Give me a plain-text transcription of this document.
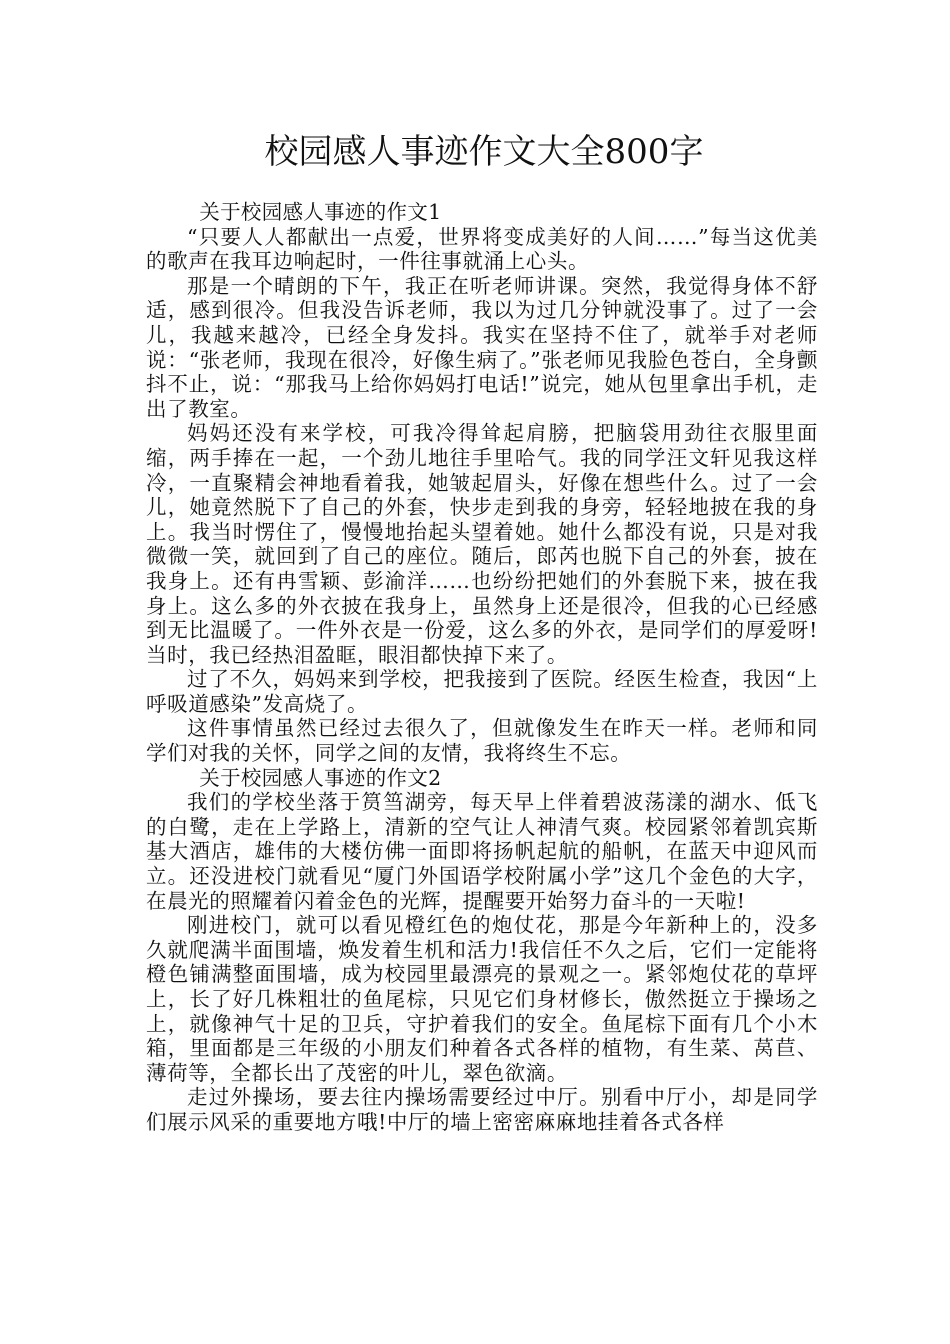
校园感人事迹作文大全800字

关于校园感人事迹的作文1

“只要人人都献出一点爱，世界将变成美好的人间……”每当这优美的歌声在我耳边响起时，一件往事就涌上心头。

那是一个晴朗的下午，我正在听老师讲课。突然，我觉得身体不舒适，感到很冷。但我没告诉老师，我以为过几分钟就没事了。过了一会儿，我越来越冷，已经全身发抖。我实在坚持不住了，就举手对老师说：“张老师，我现在很冷，好像生病了。”张老师见我脸色苍白，全身颤抖不止，说：“那我马上给你妈妈打电话!”说完，她从包里拿出手机，走出了教室。

妈妈还没有来学校，可我冷得耸起肩膀，把脑袋用劲往衣服里面缩，两手捧在一起，一个劲儿地往手里哈气。我的同学汪文轩见我这样冷，一直聚精会神地看着我，她皱起眉头，好像在想些什么。过了一会儿，她竟然脱下了自己的外套，快步走到我的身旁，轻轻地披在我的身上。我当时愣住了，慢慢地抬起头望着她。她什么都没有说，只是对我微微一笑，就回到了自己的座位。随后，郎芮也脱下自己的外套，披在我身上。还有冉雪颖、彭渝洋……也纷纷把她们的外套脱下来，披在我身上。这么多的外衣披在我身上，虽然身上还是很冷，但我的心已经感到无比温暖了。一件外衣是一份爱，这么多的外衣，是同学们的厚爱呀!当时，我已经热泪盈眶，眼泪都快掉下来了。

过了不久，妈妈来到学校，把我接到了医院。经医生检查，我因“上呼吸道感染”发高烧了。

这件事情虽然已经过去很久了，但就像发生在昨天一样。老师和同学们对我的关怀，同学之间的友情，我将终生不忘。

关于校园感人事迹的作文2

我们的学校坐落于筼筜湖旁，每天早上伴着碧波荡漾的湖水、低飞的白鹭，走在上学路上，清新的空气让人神清气爽。校园紧邻着凯宾斯基大酒店，雄伟的大楼仿佛一面即将扬帆起航的船帆，在蓝天中迎风而立。还没进校门就看见“厦门外国语学校附属小学”这几个金色的大字，在晨光的照耀着闪着金色的光辉，提醒要开始努力奋斗的一天啦!

刚进校门，就可以看见橙红色的炮仗花，那是今年新种上的，没多久就爬满半面围墙，焕发着生机和活力!我信任不久之后，它们一定能将橙色铺满整面围墙，成为校园里最漂亮的景观之一。紧邻炮仗花的草坪上，长了好几株粗壮的鱼尾棕，只见它们身材修长，傲然挺立于操场之上，就像神气十足的卫兵，守护着我们的安全。鱼尾棕下面有几个小木箱，里面都是三年级的小朋友们种着各式各样的植物，有生菜、莴苣、薄荷等，全都长出了茂密的叶儿，翠色欲滴。

走过外操场，要去往内操场需要经过中厅。别看中厅小，却是同学们展示风采的重要地方哦!中厅的墙上密密麻麻地挂着各式各样
